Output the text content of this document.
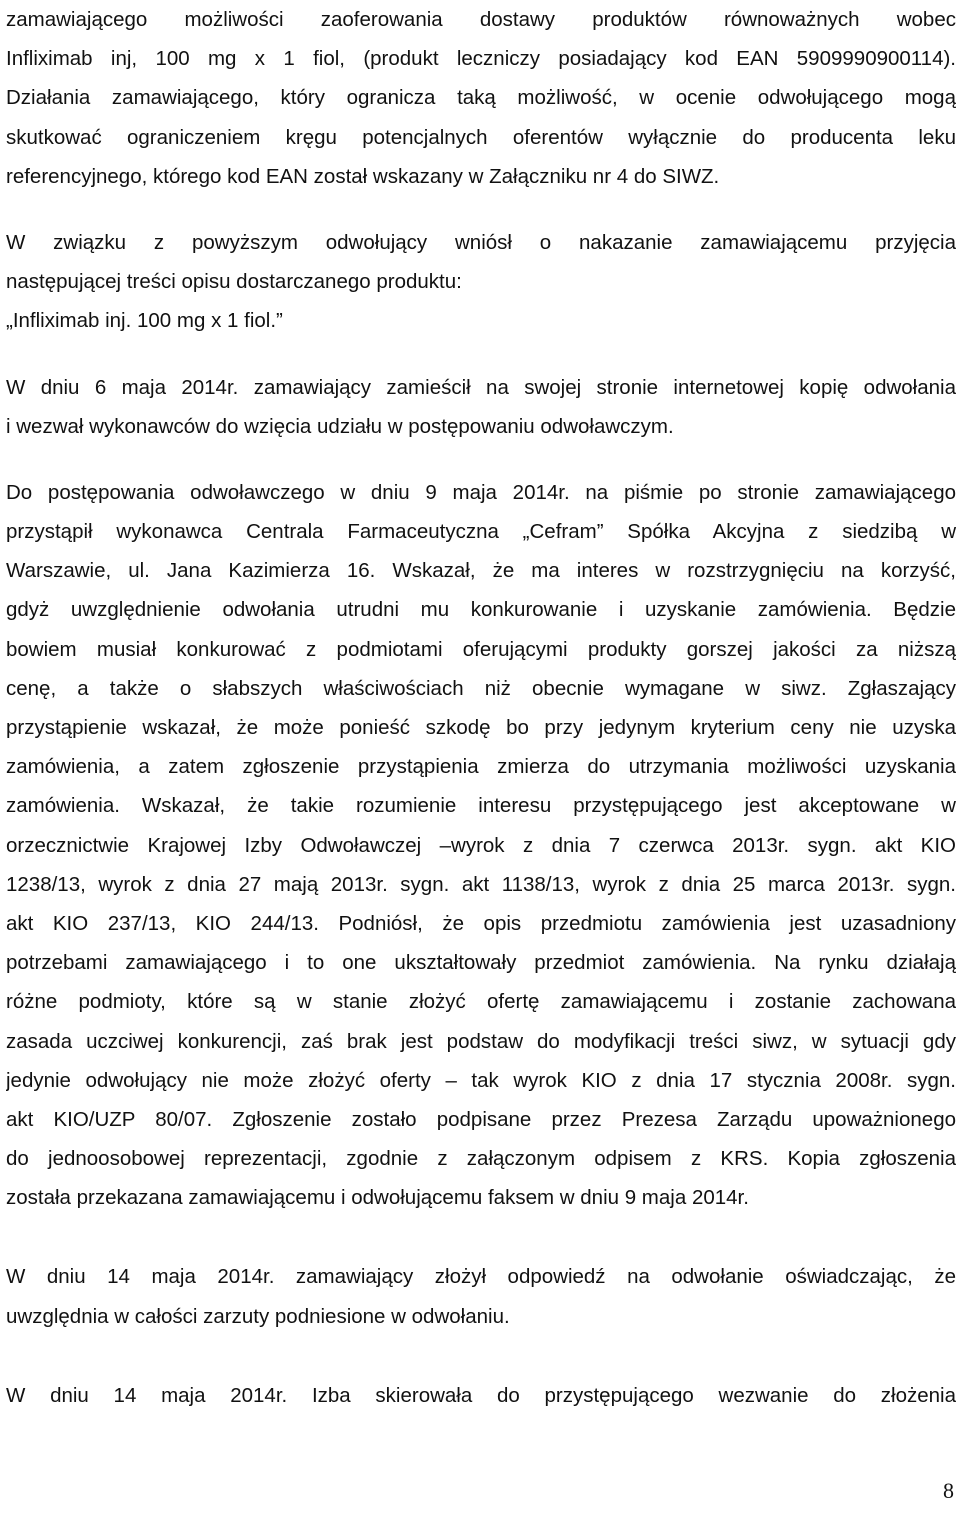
zamawiającego możliwości zaoferowania dostawy produktów równoważnych wobec
Infliximab inj, 100 mg x 1 fiol, (produkt leczniczy posiadający kod EAN 5909990900114).
Działania zamawiającego, który ogranicza taką możliwość, w ocenie odwołującego mogą
skutkować ograniczeniem kręgu potencjalnych oferentów wyłącznie do producenta leku
referencyjnego, którego kod EAN został wskazany w Załączniku nr 4 do SIWZ.
W związku z powyższym odwołujący wniósł o nakazanie zamawiającemu przyjęcia
następującej treści opisu dostarczanego produktu:
„Infliximab inj. 100 mg x 1 fiol.”
W dniu 6 maja 2014r. zamawiający zamieścił na swojej stronie internetowej kopię odwołania
i wezwał wykonawców do wzięcia udziału w postępowaniu odwoławczym.
Do postępowania odwoławczego w dniu 9 maja 2014r. na piśmie po stronie zamawiającego
przystąpił wykonawca Centrala Farmaceutyczna „Cefram” Spółka Akcyjna z siedzibą w
Warszawie, ul. Jana Kazimierza 16. Wskazał, że ma interes w rozstrzygnięciu na korzyść,
gdyż uwzględnienie odwołania utrudni mu konkurowanie i uzyskanie zamówienia. Będzie
bowiem musiał konkurować z podmiotami oferującymi produkty gorszej jakości za niższą
cenę, a także o słabszych właściwościach niż obecnie wymagane w siwz. Zgłaszający
przystąpienie wskazał, że może ponieść szkodę bo przy jedynym kryterium ceny nie uzyska
zamówienia, a zatem zgłoszenie przystąpienia zmierza do utrzymania możliwości uzyskania
zamówienia. Wskazał, że takie rozumienie interesu przystępującego jest akceptowane w
orzecznictwie Krajowej Izby Odwoławczej –wyrok z dnia 7 czerwca 2013r. sygn. akt KIO
1238/13, wyrok z dnia 27 mają 2013r. sygn. akt 1138/13, wyrok z dnia 25 marca 2013r. sygn.
akt KIO 237/13, KIO 244/13. Podniósł, że opis przedmiotu zamówienia jest uzasadniony
potrzebami zamawiającego i to one ukształtowały przedmiot zamówienia. Na rynku działają
różne podmioty, które są w stanie złożyć ofertę zamawiającemu i zostanie zachowana
zasada uczciwej konkurencji, zaś brak jest podstaw do modyfikacji treści siwz, w sytuacji gdy
jedynie odwołujący nie może złożyć oferty – tak wyrok KIO z dnia 17 stycznia 2008r. sygn.
akt KIO/UZP 80/07. Zgłoszenie zostało podpisane przez Prezesa Zarządu upoważnionego
do jednoosobowej reprezentacji, zgodnie z załączonym odpisem z KRS. Kopia zgłoszenia
została przekazana zamawiającemu i odwołującemu faksem w dniu 9 maja 2014r.
W dniu 14 maja 2014r. zamawiający złożył odpowiedź na odwołanie oświadczając, że
uwzględnia w całości zarzuty podniesione w odwołaniu.
W dniu 14 maja 2014r. Izba skierowała do przystępującego wezwanie do złożenia
8
